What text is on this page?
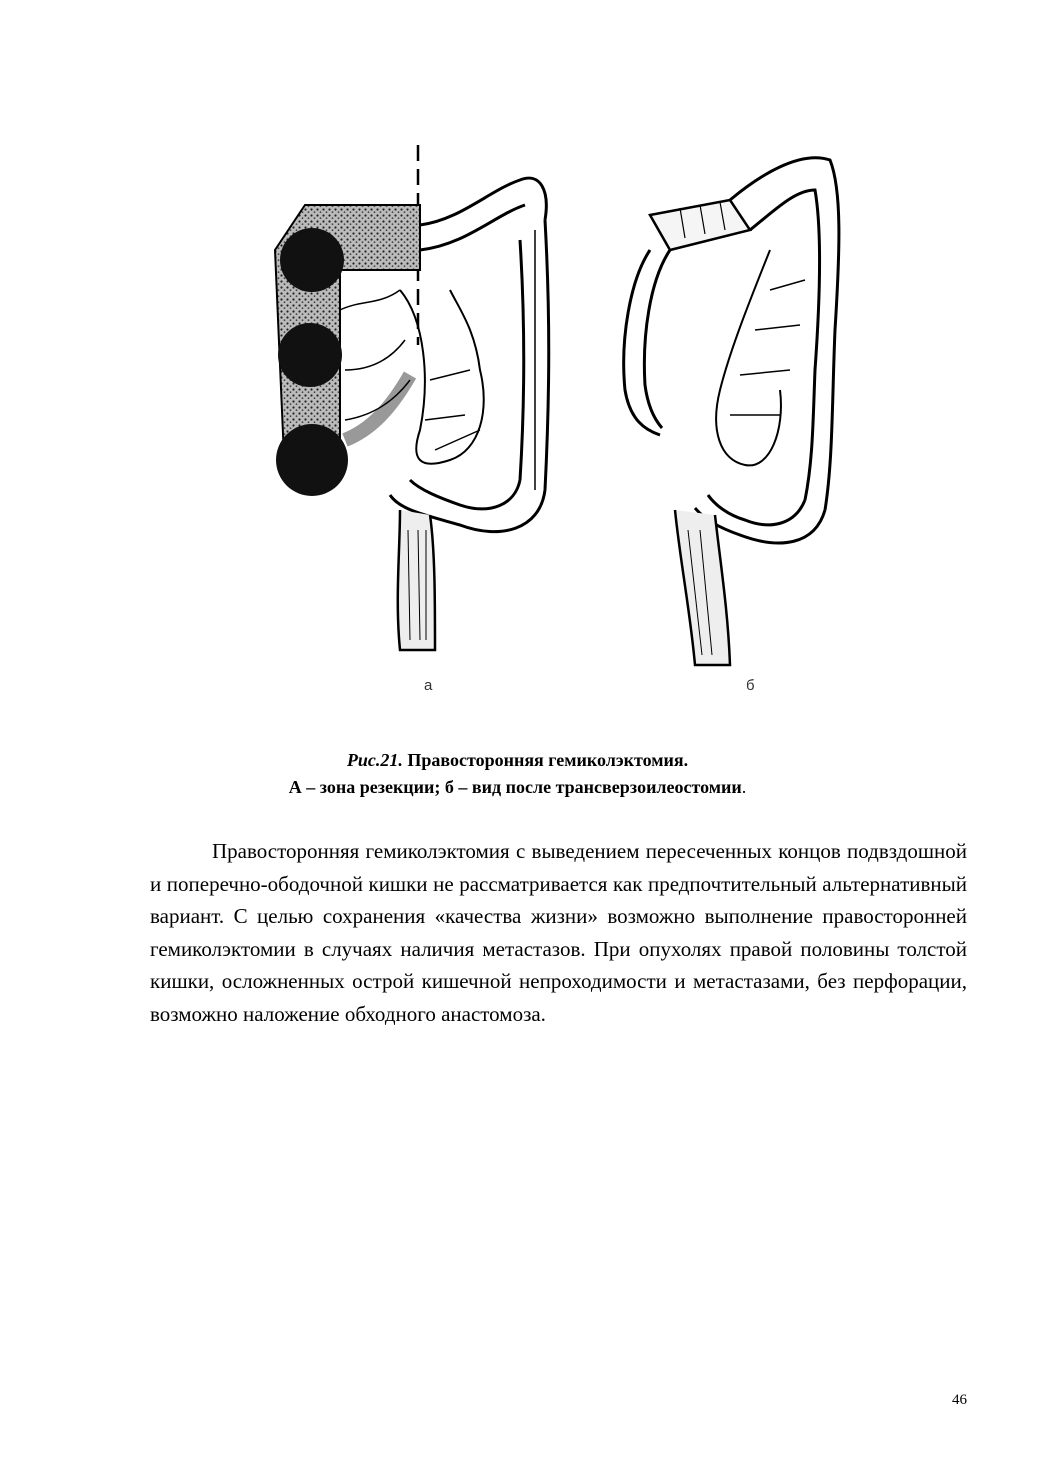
а	б
Рис.21. Правосторонняя гемиколэктомия.
А – зона резекции; б – вид после трансверзоилеостомии.

Правосторонняя гемиколэктомия с выведением пересеченных концов подвздошной и поперечно-ободочной кишки не рассматривается как предпочтительный альтернативный вариант. С целью сохранения «качества жизни» возможно выполнение правосторонней гемиколэктомии в случаях наличия метастазов. При опухолях правой половины толстой кишки, осложненных острой кишечной непроходимости и метастазами, без перфорации, возможно наложение обходного анастомоза.

46
